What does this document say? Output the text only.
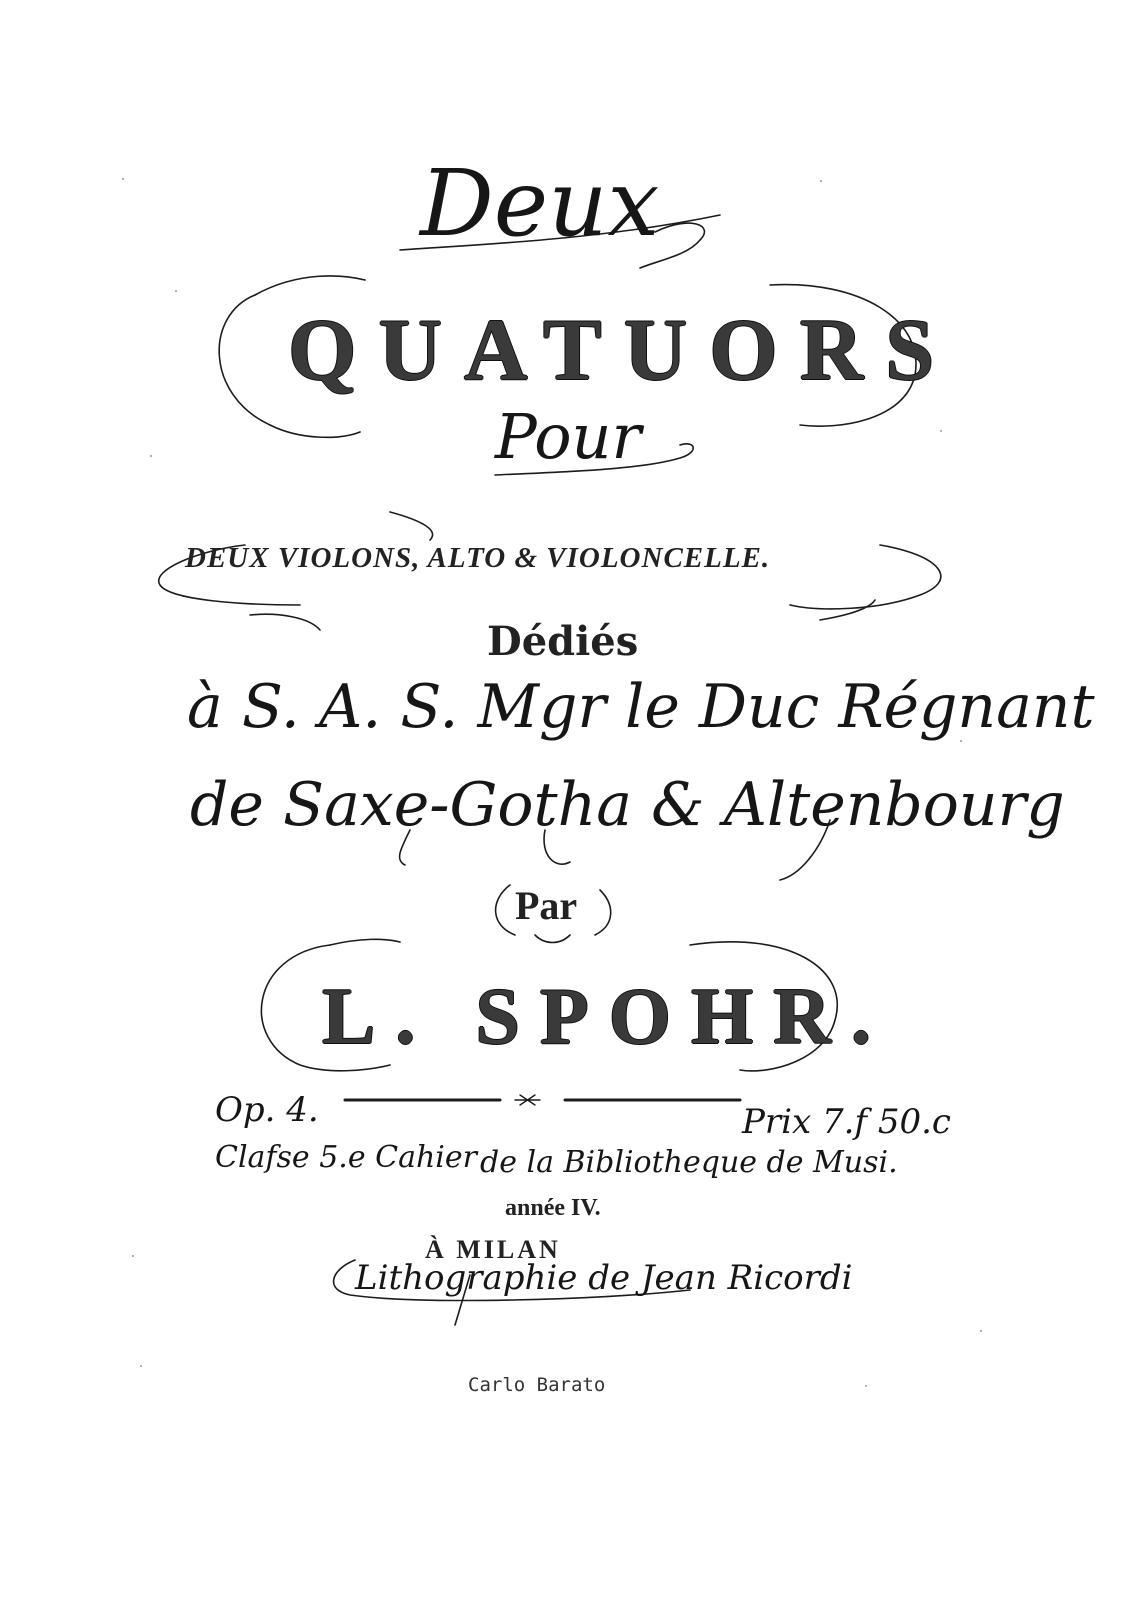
Deux
QUATUORS
Pour
DEUX VIOLONS, ALTO & VIOLONCELLE.
Dédiés
à S. A. S. Mgr le Duc Régnant
de Saxe-Gotha & Altenbourg
Par
L. SPOHR.
Op. 4.	Prix 7.f 50.c
Clafse 5.e Cahier de la Bibliotheque de Musi.
année IV.
À MILAN
Lithographie de Jean Ricordi
Carlo Barato
